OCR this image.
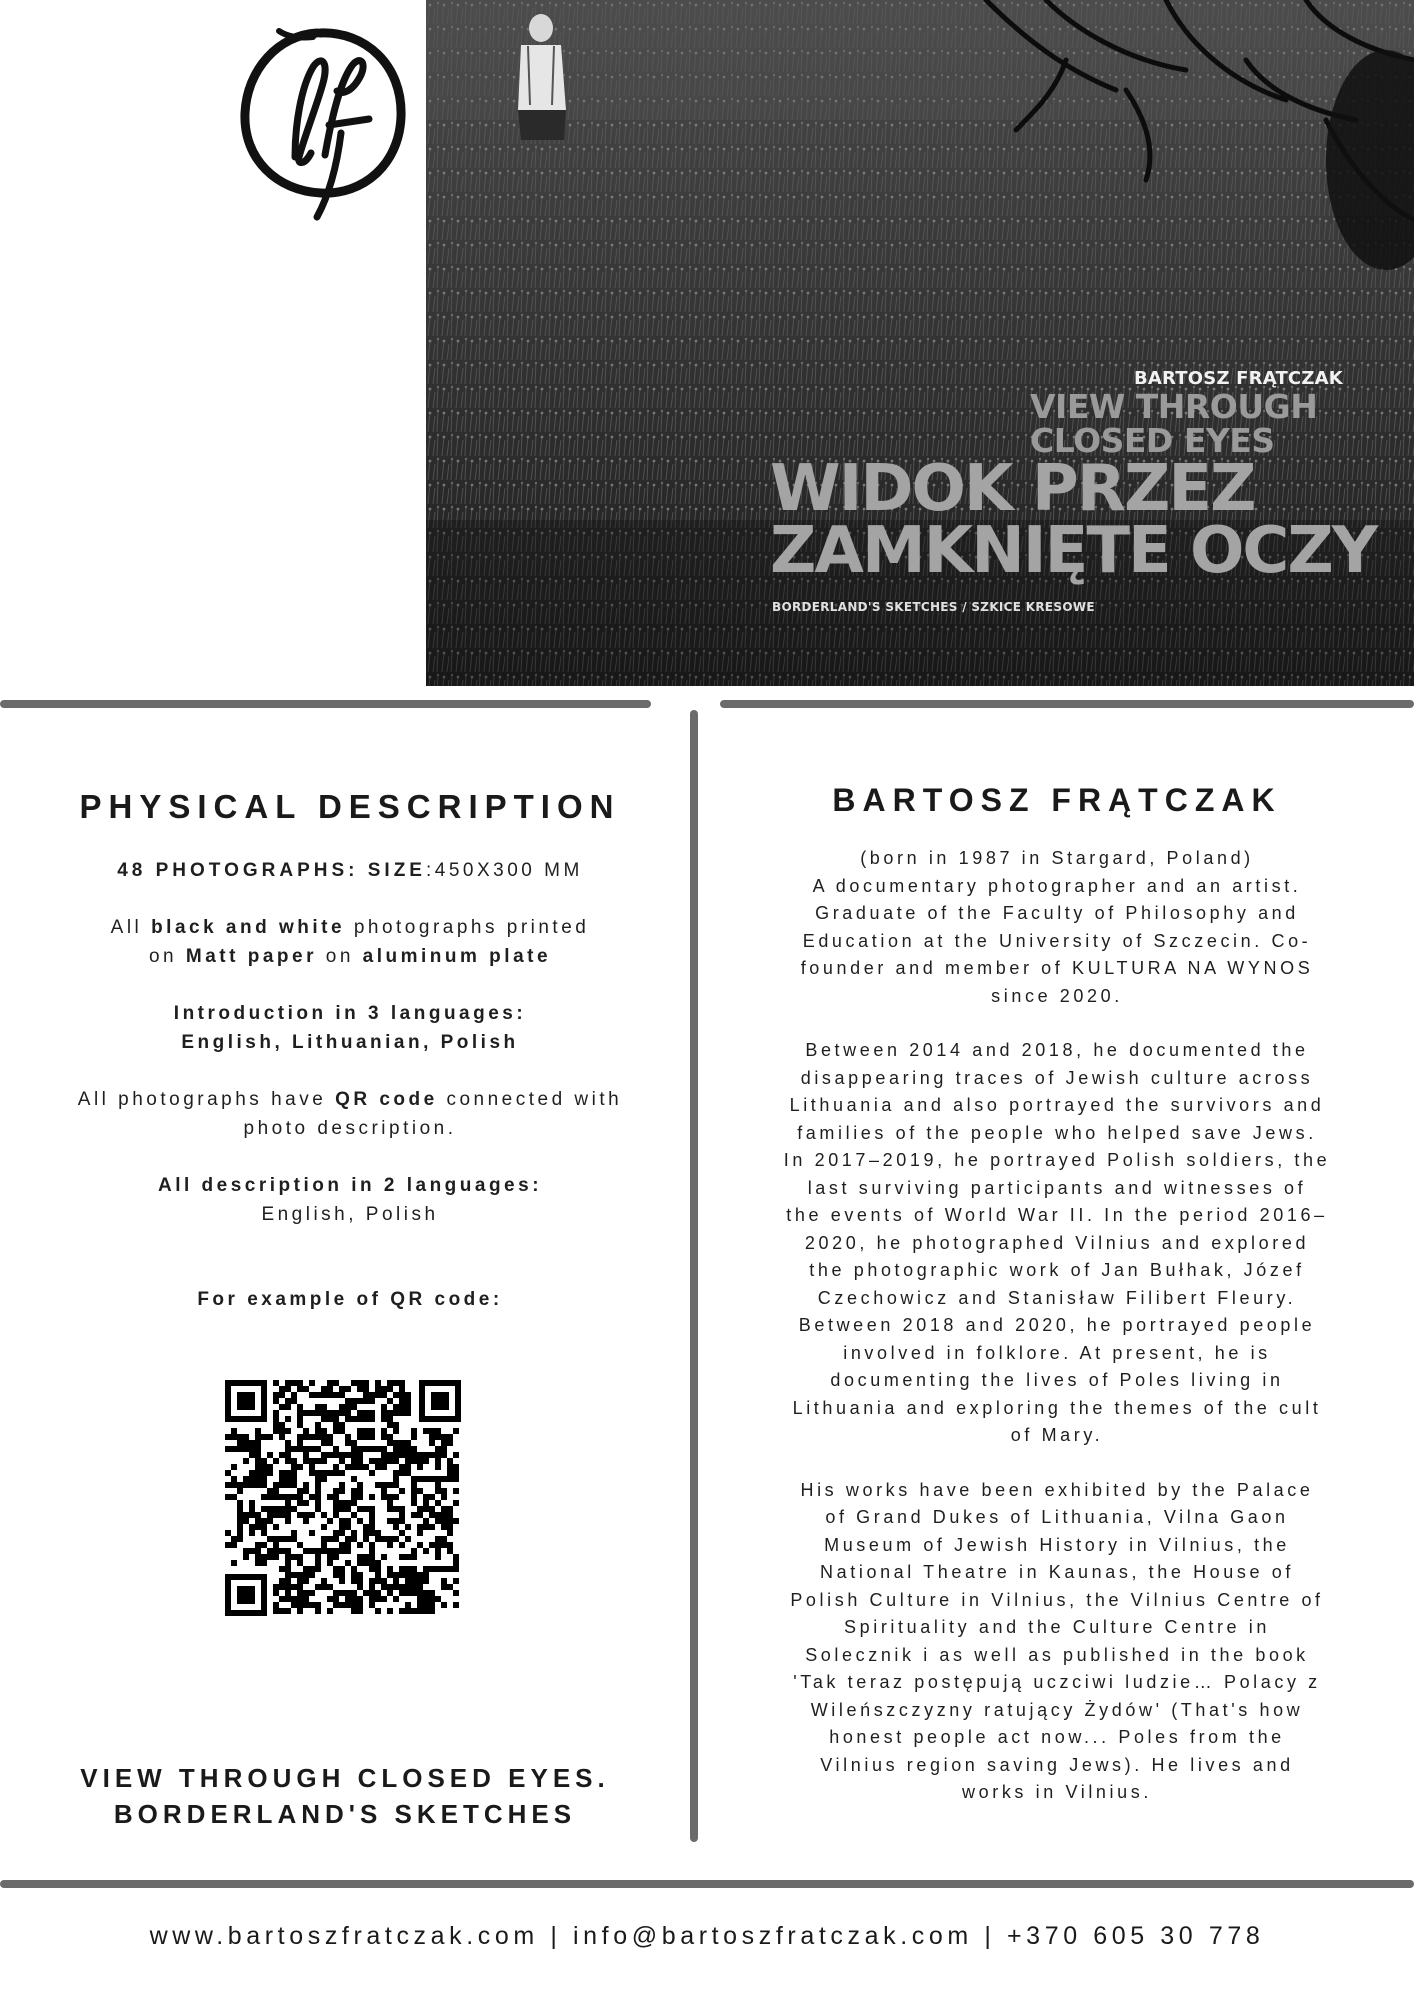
BARTOSZ FRĄTCZAK
VIEW THROUGH
CLOSED EYES
WIDOK PRZEZ
ZAMKNIĘTE OCZY
BORDERLAND'S SKETCHES / SZKICE KRESOWE
PHYSICAL DESCRIPTION

48 PHOTOGRAPHS: SIZE:450X300 MM

All black and white photographs printed
on Matt paper on aluminum plate

Introduction in 3 languages:
English, Lithuanian, Polish

All photographs have QR code connected with
photo description.

All description in 2 languages:
English, Polish

For example of QR code:

VIEW THROUGH CLOSED EYES.
BORDERLAND'S SKETCHES
BARTOSZ FRĄTCZAK

(born in 1987 in Stargard, Poland)
A documentary photographer and an artist.
Graduate of the Faculty of Philosophy and
Education at the University of Szczecin. Co-
founder and member of KULTURA NA WYNOS
since 2020.

Between 2014 and 2018, he documented the
disappearing traces of Jewish culture across
Lithuania and also portrayed the survivors and
families of the people who helped save Jews.
In 2017–2019, he portrayed Polish soldiers, the
last surviving participants and witnesses of
the events of World War II. In the period 2016–
2020, he photographed Vilnius and explored
the photographic work of Jan Bułhak, Józef
Czechowicz and Stanisław Filibert Fleury.
Between 2018 and 2020, he portrayed people
involved in folklore. At present, he is
documenting the lives of Poles living in
Lithuania and exploring the themes of the cult
of Mary.

His works have been exhibited by the Palace
of Grand Dukes of Lithuania, Vilna Gaon
Museum of Jewish History in Vilnius, the
National Theatre in Kaunas, the House of
Polish Culture in Vilnius, the Vilnius Centre of
Spirituality and the Culture Centre in
Solecznik i as well as published in the book
'Tak teraz postępują uczciwi ludzie… Polacy z
Wileńszczyzny ratujący Żydów' (That's how
honest people act now... Poles from the
Vilnius region saving Jews). He lives and
works in Vilnius.

www.bartoszfratczak.com | info@bartoszfratczak.com | +370 605 30 778
